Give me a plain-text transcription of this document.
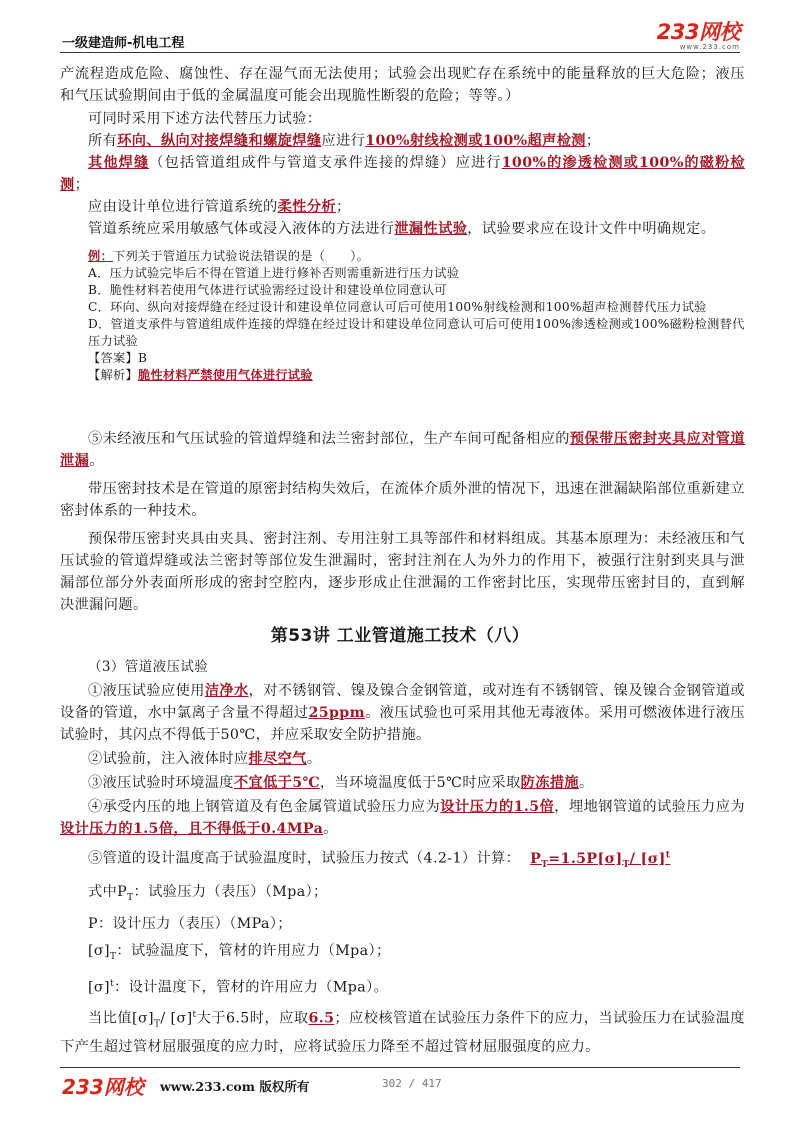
一级建造师-机电工程	233网校
www.233.com

产流程造成危险、腐蚀性、存在湿气而无法使用；试验会出现贮存在系统中的能量释放的巨大危险；液压和气压试验期间由于低的金属温度可能会出现脆性断裂的危险；等等。）

可同时采用下述方法代替压力试验：

所有环向、纵向对接焊缝和螺旋焊缝应进行100%射线检测或100%超声检测；

其他焊缝（包括管道组成件与管道支承件连接的焊缝）应进行100%的渗透检测或100%的磁粉检测；

应由设计单位进行管道系统的柔性分析；

管道系统应采用敏感气体或浸入液体的方法进行泄漏性试验，试验要求应在设计文件中明确规定。

例：下列关于管道压力试验说法错误的是（　　）。

A．压力试验完毕后不得在管道上进行修补否则需重新进行压力试验

B．脆性材料若使用气体进行试验需经过设计和建设单位同意认可

C．环向、纵向对接焊缝在经过设计和建设单位同意认可后可使用100%射线检测和100%超声检测替代压力试验

D．管道支承件与管道组成件连接的焊缝在经过设计和建设单位同意认可后可使用100%渗透检测或100%磁粉检测替代压力试验

【答案】B

【解析】脆性材料严禁使用气体进行试验

⑤未经液压和气压试验的管道焊缝和法兰密封部位，生产车间可配备相应的预保带压密封夹具应对管道泄漏。

带压密封技术是在管道的原密封结构失效后，在流体介质外泄的情况下，迅速在泄漏缺陷部位重新建立密封体系的一种技术。

预保带压密封夹具由夹具、密封注剂、专用注射工具等部件和材料组成。其基本原理为：未经液压和气压试验的管道焊缝或法兰密封等部位发生泄漏时，密封注剂在人为外力的作用下，被强行注射到夹具与泄漏部位部分外表面所形成的密封空腔内，逐步形成止住泄漏的工作密封比压，实现带压密封目的，直到解决泄漏问题。

第53讲 工业管道施工技术（八）

（3）管道液压试验

①液压试验应使用洁净水，对不锈钢管、镍及镍合金钢管道，或对连有不锈钢管、镍及镍合金钢管道或设备的管道，水中氯离子含量不得超过25ppm。液压试验也可采用其他无毒液体。采用可燃液体进行液压试验时，其闪点不得低于50℃，并应采取安全防护措施。

②试验前，注入液体时应排尽空气。

③液压试验时环境温度不宜低于5℃，当环境温度低于5℃时应采取防冻措施。

④承受内压的地上钢管道及有色金属管道试验压力应为设计压力的1.5倍，埋地钢管道的试验压力应为设计压力的1.5倍，且不得低于0.4MPa。

⑤管道的设计温度高于试验温度时，试验压力按式（4.2-1）计算： $P_T=1.5P[\sigma]_T/$ $[\sigma]^t$

式中$P_T$：试验压力（表压）（Mpa）；

P：设计压力（表压）（MPa）；

$[\sigma]_T$：试验温度下，管材的许用应力（Mpa）；

$[\sigma]^t$：设计温度下，管材的许用应力（Mpa）。

当比值$[\sigma]_T/$ $[\sigma]^t$大于6.5时，应取6.5；应校核管道在试验压力条件下的应力，当试验压力在试验温度下产生超过管材屈服强度的应力时，应将试验压力降至不超过管材屈服强度的应力。

233网校 www.233.com 版权所有	302 / 417
